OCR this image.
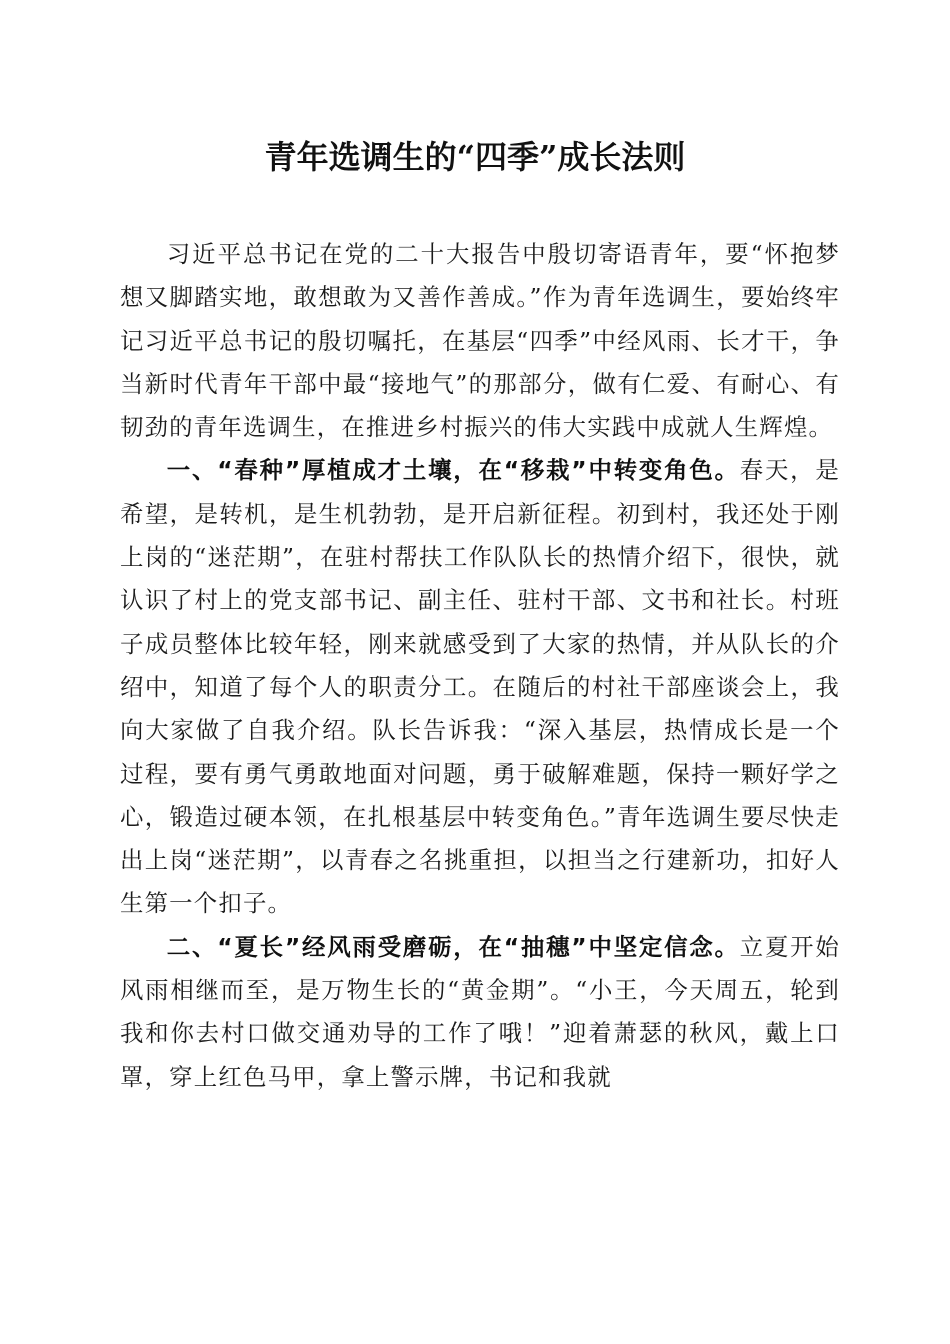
青年选调生的“四季”成长法则

习近平总书记在党的二十大报告中殷切寄语青年，要“怀抱梦想又脚踏实地，敢想敢为又善作善成。”作为青年选调生，要始终牢记习近平总书记的殷切嘱托，在基层“四季”中经风雨、长才干，争当新时代青年干部中最“接地气”的那部分，做有仁爱、有耐心、有韧劲的青年选调生，在推进乡村振兴的伟大实践中成就人生辉煌。

一、“春种”厚植成才土壤，在“移栽”中转变角色。春天，是希望，是转机，是生机勃勃，是开启新征程。初到村，我还处于刚上岗的“迷茫期”，在驻村帮扶工作队队长的热情介绍下，很快，就认识了村上的党支部书记、副主任、驻村干部、文书和社长。村班子成员整体比较年轻，刚来就感受到了大家的热情，并从队长的介绍中，知道了每个人的职责分工。在随后的村社干部座谈会上，我向大家做了自我介绍。队长告诉我：“深入基层，热情成长是一个过程，要有勇气勇敢地面对问题，勇于破解难题，保持一颗好学之心，锻造过硬本领，在扎根基层中转变角色。”青年选调生要尽快走出上岗“迷茫期”，以青春之名挑重担，以担当之行建新功，扣好人生第一个扣子。

二、“夏长”经风雨受磨砺，在“抽穗”中坚定信念。立夏开始风雨相继而至，是万物生长的“黄金期”。“小王，今天周五，轮到我和你去村口做交通劝导的工作了哦！”迎着萧瑟的秋风，戴上口罩，穿上红色马甲，拿上警示牌，书记和我就
